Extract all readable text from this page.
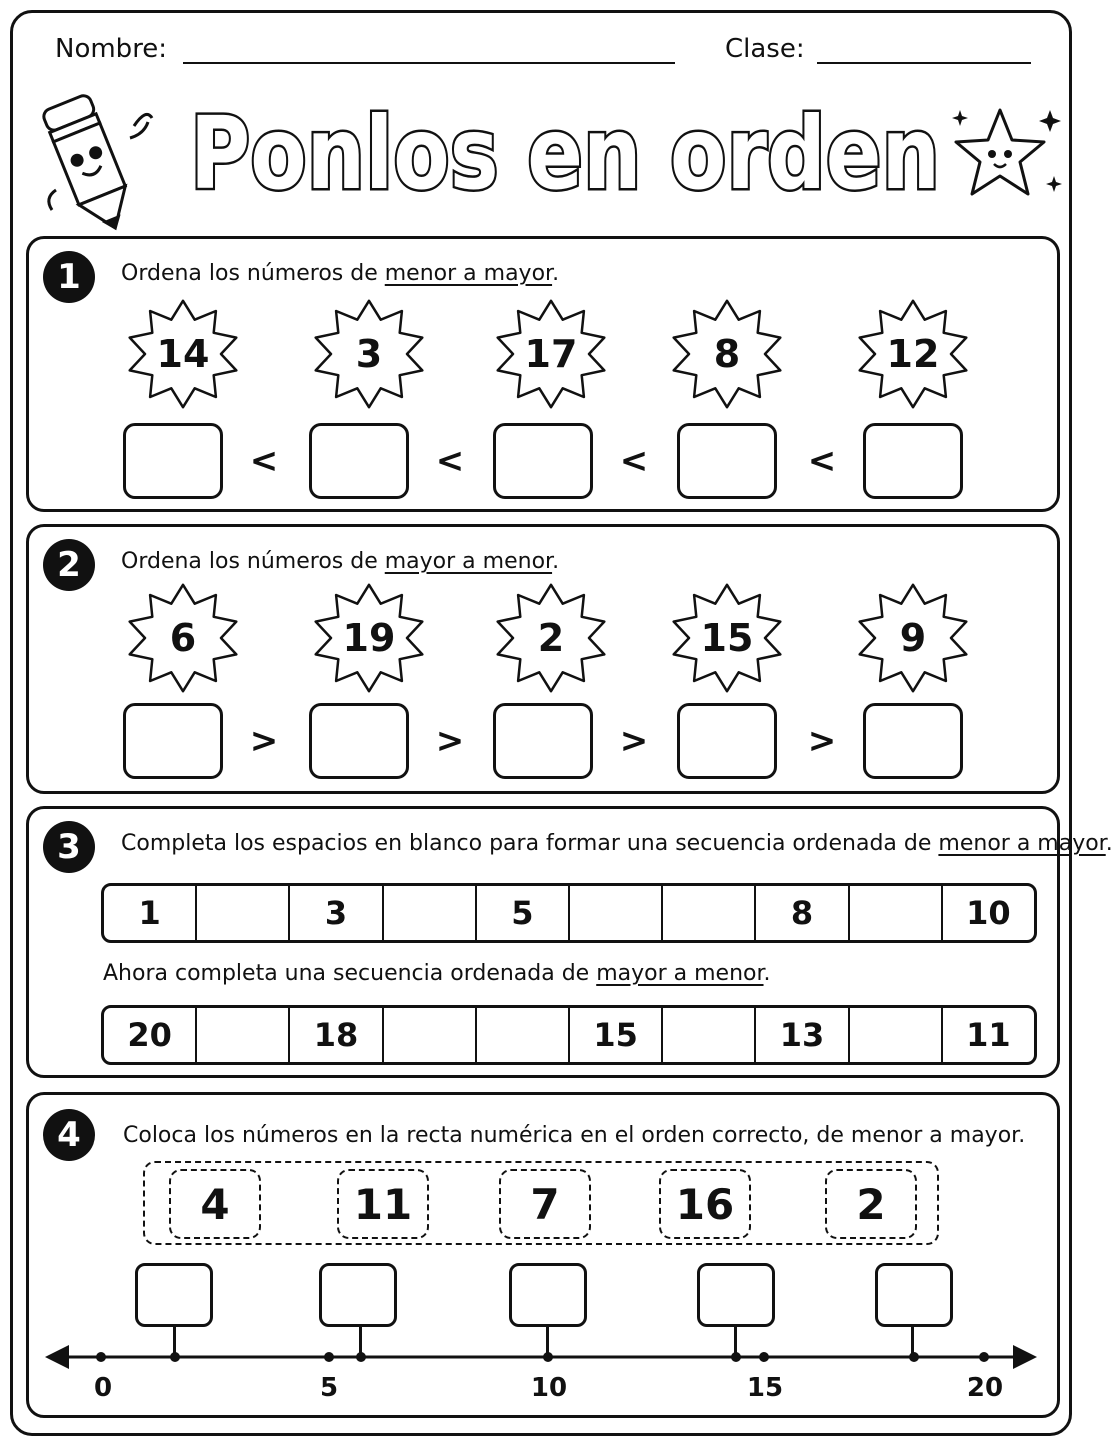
Nombre:	Clase:
Ponlos en orden
1	Ordena los números de menor a mayor.
14	3	17	8	12
<	<	<	<
2	Ordena los números de mayor a menor.
6	19	2	15	9
>	>	>	>
3	Completa los espacios en blanco para formar una secuencia ordenada de menor a mayor.
1	3	5	8	10
Ahora completa una secuencia ordenada de mayor a menor.
20	18	15	13	11
4	Coloca los números en la recta numérica en el orden correcto, de menor a mayor.
4	11	7	16	2
0	5	10	15	20
